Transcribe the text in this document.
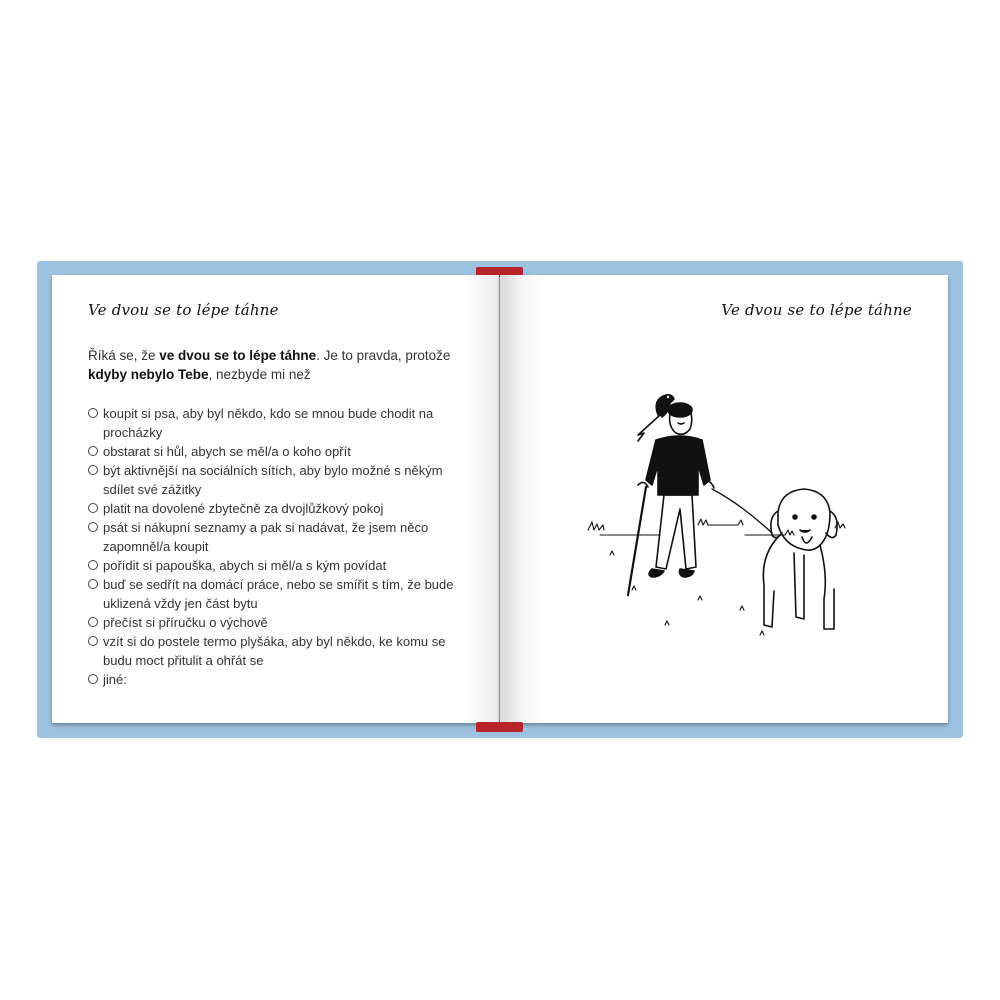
Ve dvou se to lépe táhne
Říká se, že ve dvou se to lépe táhne. Je to pravda, protože kdyby nebylo Tebe, nezbyde mi než
koupit si psa, aby byl někdo, kdo se mnou bude chodit na procházky
obstarat si hůl, abych se měl/a o koho opřít
být aktivnější na sociálních sítích, aby bylo možné s někým sdílet své zážitky
platit na dovolené zbytečně za dvojlůžkový pokoj
psát si nákupní seznamy a pak si nadávat, že jsem něco zapomněl/a koupit
pořídit si papouška, abych si měl/a s kým povídat
buď se sedřít na domácí práce, nebo se smířit s tím, že bude uklizená vždy jen část bytu
přečíst si příručku o výchově
vzít si do postele termo plyšáka, aby byl někdo, ke komu se budu moct přitulit a ohřát se
jiné:
Ve dvou se to lépe táhne
